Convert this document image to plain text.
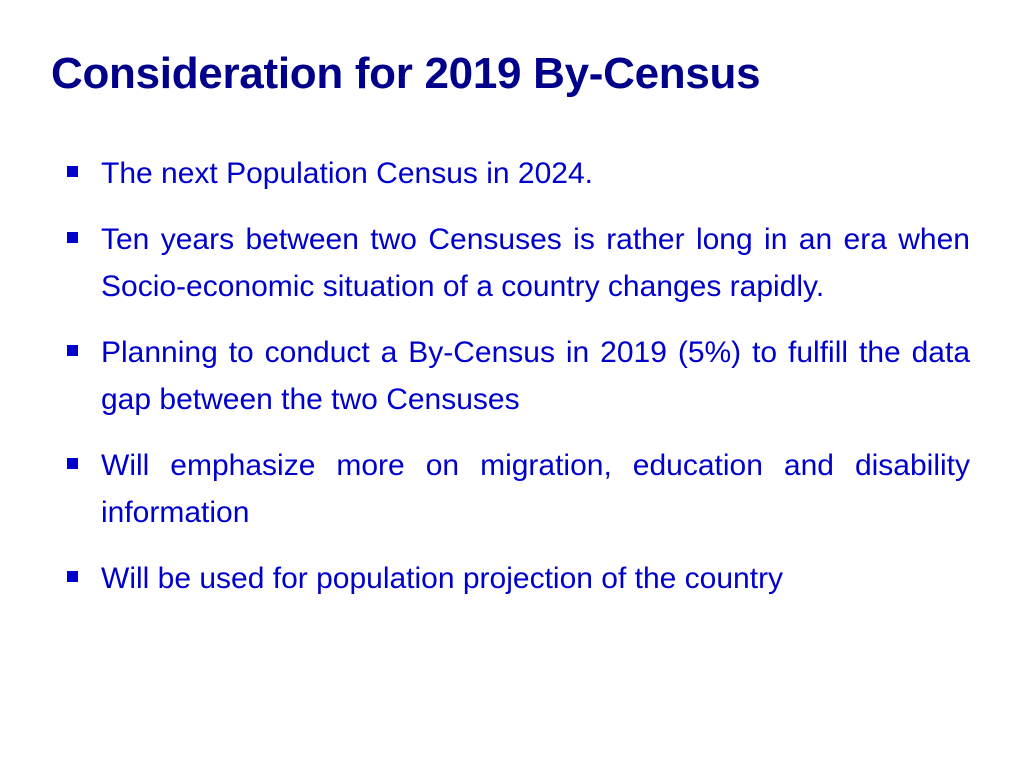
Consideration for 2019 By-Census
The next Population Census in 2024.
Ten years between two Censuses is rather long in an era when Socio-economic situation of a country changes rapidly.
Planning to conduct a By-Census in 2019 (5%) to fulfill the data gap between the two Censuses
Will emphasize more on migration, education and disability information
Will be used for population projection of the country
